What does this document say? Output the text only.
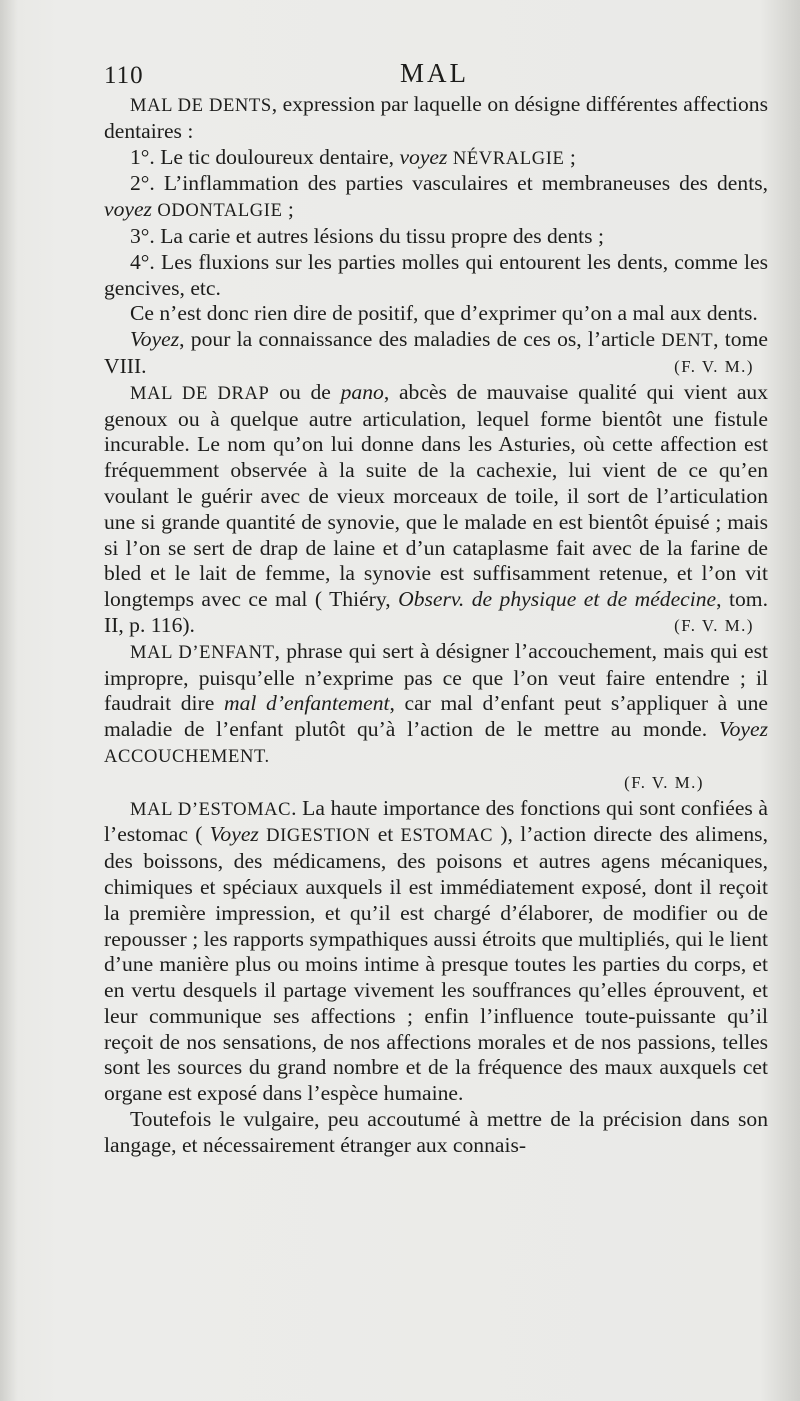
110	MAL

MAL DE DENTS, expression par laquelle on désigne différentes affections dentaires :

1°. Le tic douloureux dentaire, voyez NÉVRALGIE ;

2°. L’inflammation des parties vasculaires et membraneuses des dents, voyez ODONTALGIE ;

3°. La carie et autres lésions du tissu propre des dents ;

4°. Les fluxions sur les parties molles qui entourent les dents, comme les gencives, etc.

Ce n’est donc rien dire de positif, que d’exprimer qu’on a mal aux dents.

Voyez, pour la connaissance des maladies de ces os, l’article DENT, tome VIII.	(F. V. M.)

MAL DE DRAP ou de pano, abcès de mauvaise qualité qui vient aux genoux ou à quelque autre articulation, lequel forme bientôt une fistule incurable. Le nom qu’on lui donne dans les Asturies, où cette affection est fréquemment observée à la suite de la cachexie, lui vient de ce qu’en voulant le guérir avec de vieux morceaux de toile, il sort de l’articulation une si grande quantité de synovie, que le malade en est bientôt épuisé ; mais si l’on se sert de drap de laine et d’un cataplasme fait avec de la farine de bled et le lait de femme, la synovie est suffisamment retenue, et l’on vit longtemps avec ce mal ( Thiéry, Observ. de physique et de médecine, tom. II, p. 116).	(F. V. M.)

MAL D’ENFANT, phrase qui sert à désigner l’accouchement, mais qui est impropre, puisqu’elle n’exprime pas ce que l’on veut faire entendre ; il faudrait dire mal d’enfantement, car mal d’enfant peut s’appliquer à une maladie de l’enfant plutôt qu’à l’action de le mettre au monde. Voyez ACCOUCHEMENT.

(F. V. M.)

MAL D’ESTOMAC. La haute importance des fonctions qui sont confiées à l’estomac ( Voyez DIGESTION et ESTOMAC ), l’action directe des alimens, des boissons, des médicamens, des poisons et autres agens mécaniques, chimiques et spéciaux auxquels il est immédiatement exposé, dont il reçoit la première impression, et qu’il est chargé d’élaborer, de modifier ou de repousser ; les rapports sympathiques aussi étroits que multipliés, qui le lient d’une manière plus ou moins intime à presque toutes les parties du corps, et en vertu desquels il partage vivement les souffrances qu’elles éprouvent, et leur communique ses affections ; enfin l’influence toute-puissante qu’il reçoit de nos sensations, de nos affections morales et de nos passions, telles sont les sources du grand nombre et de la fréquence des maux auxquels cet organe est exposé dans l’espèce humaine.

Toutefois le vulgaire, peu accoutumé à mettre de la précision dans son langage, et nécessairement étranger aux connais-
